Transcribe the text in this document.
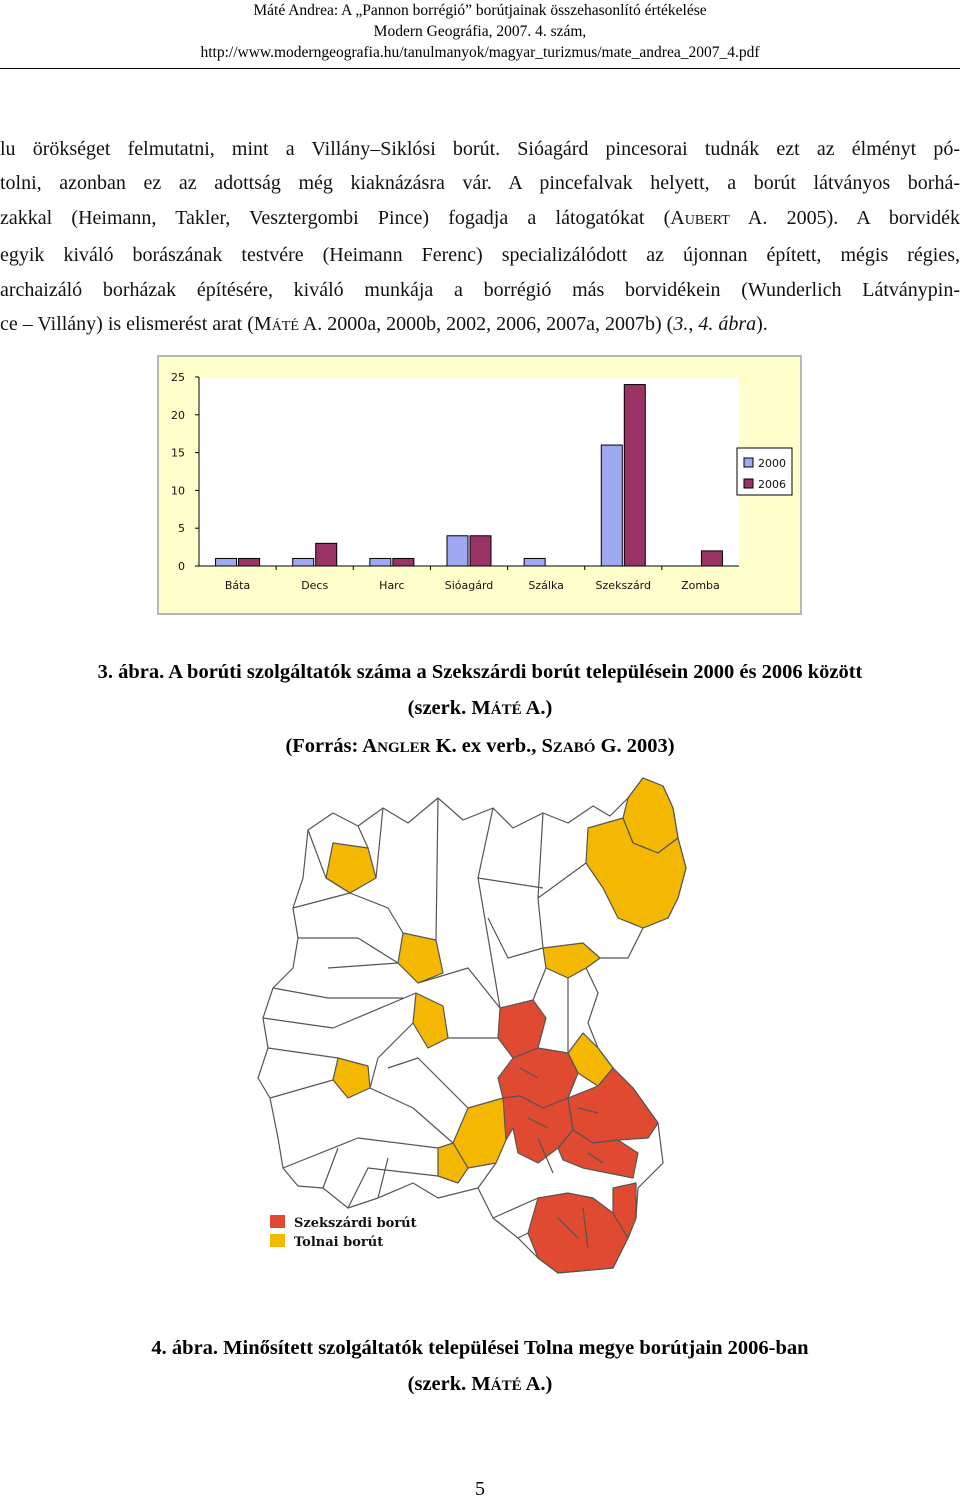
Máté Andrea: A „Pannon borrégió” borútjainak összehasonlító értékelése
Modern Geográfia, 2007. 4. szám,
http://www.moderngeografia.hu/tanulmanyok/magyar_turizmus/mate_andrea_2007_4.pdf
lu örökséget felmutatni, mint a Villány–Siklósi borút. Sióagárd pincesorai tudnák ezt az élményt pó-
tolni, azonban ez az adottság még kiaknázásra vár. A pincefalvak helyett, a borút látványos borhá-
zakkal (Heimann, Takler, Vesztergombi Pince) fogadja a látogatókat (AUBERT A. 2005). A borvidék
egyik kiváló borászának testvére (Heimann Ferenc) specializálódott az újonnan épített, mégis régies,
archaizáló borházak építésére, kiváló munkája a borrégió más borvidékein (Wunderlich Látványpin-
ce – Villány) is elismerést arat (MÁTÉ A. 2000a, 2000b, 2002, 2006, 2007a, 2007b) (3., 4. ábra).
0
5
10
15
20
25
Báta	Decs	Harc	Sióagárd	Szálka	Szekszárd	Zomba
2000
2006
3. ábra. A borúti szolgáltatók száma a Szekszárdi borút településein 2000 és 2006 között
(szerk. MÁTÉ A.)
(Forrás: ANGLER K. ex verb., SZABÓ G. 2003)
Szekszárdi borút
Tolnai borút
4. ábra. Minősített szolgáltatók települései Tolna megye borútjain 2006-ban
(szerk. MÁTÉ A.)
5
